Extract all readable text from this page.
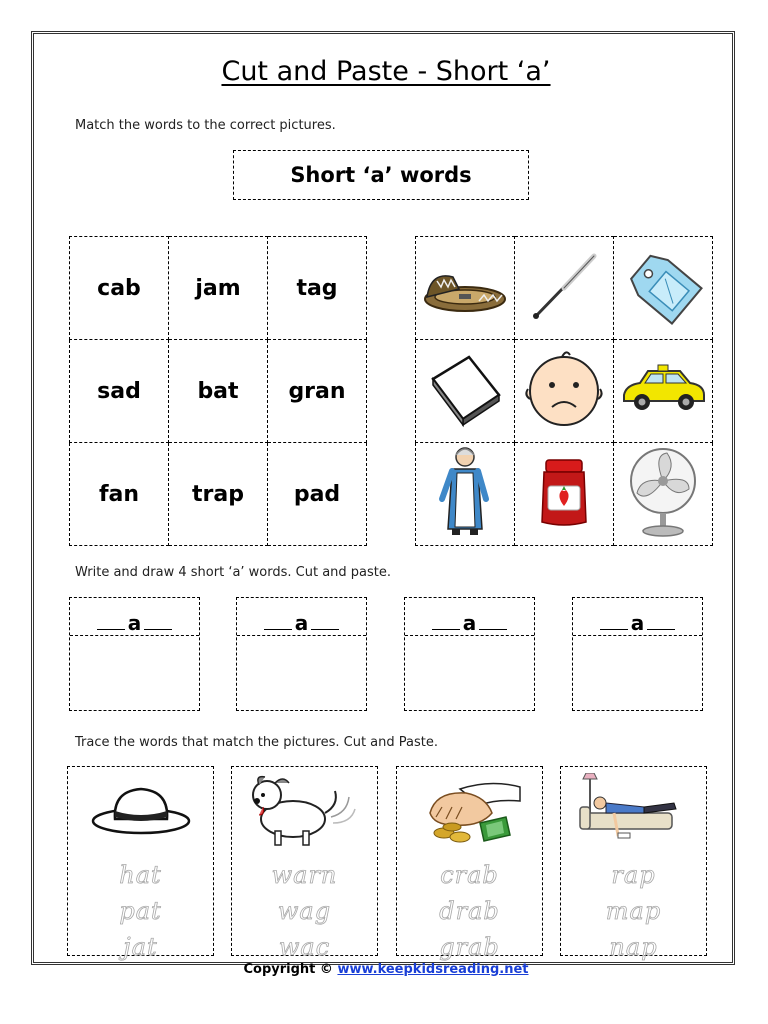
Cut and Paste - Short ‘a’
Match the words to the correct pictures.
Short ‘a’ words
cab	jam	tag
sad	bat	gran
fan	trap	pad

Write and draw 4 short ‘a’ words. Cut and paste.
a	a	a	a
Trace the words that match the pictures. Cut and Paste.
hat
pat
jat
warn
wag
wac
crab
drab
grab
rap
map
nap
Copyright © www.keepkidsreading.net
